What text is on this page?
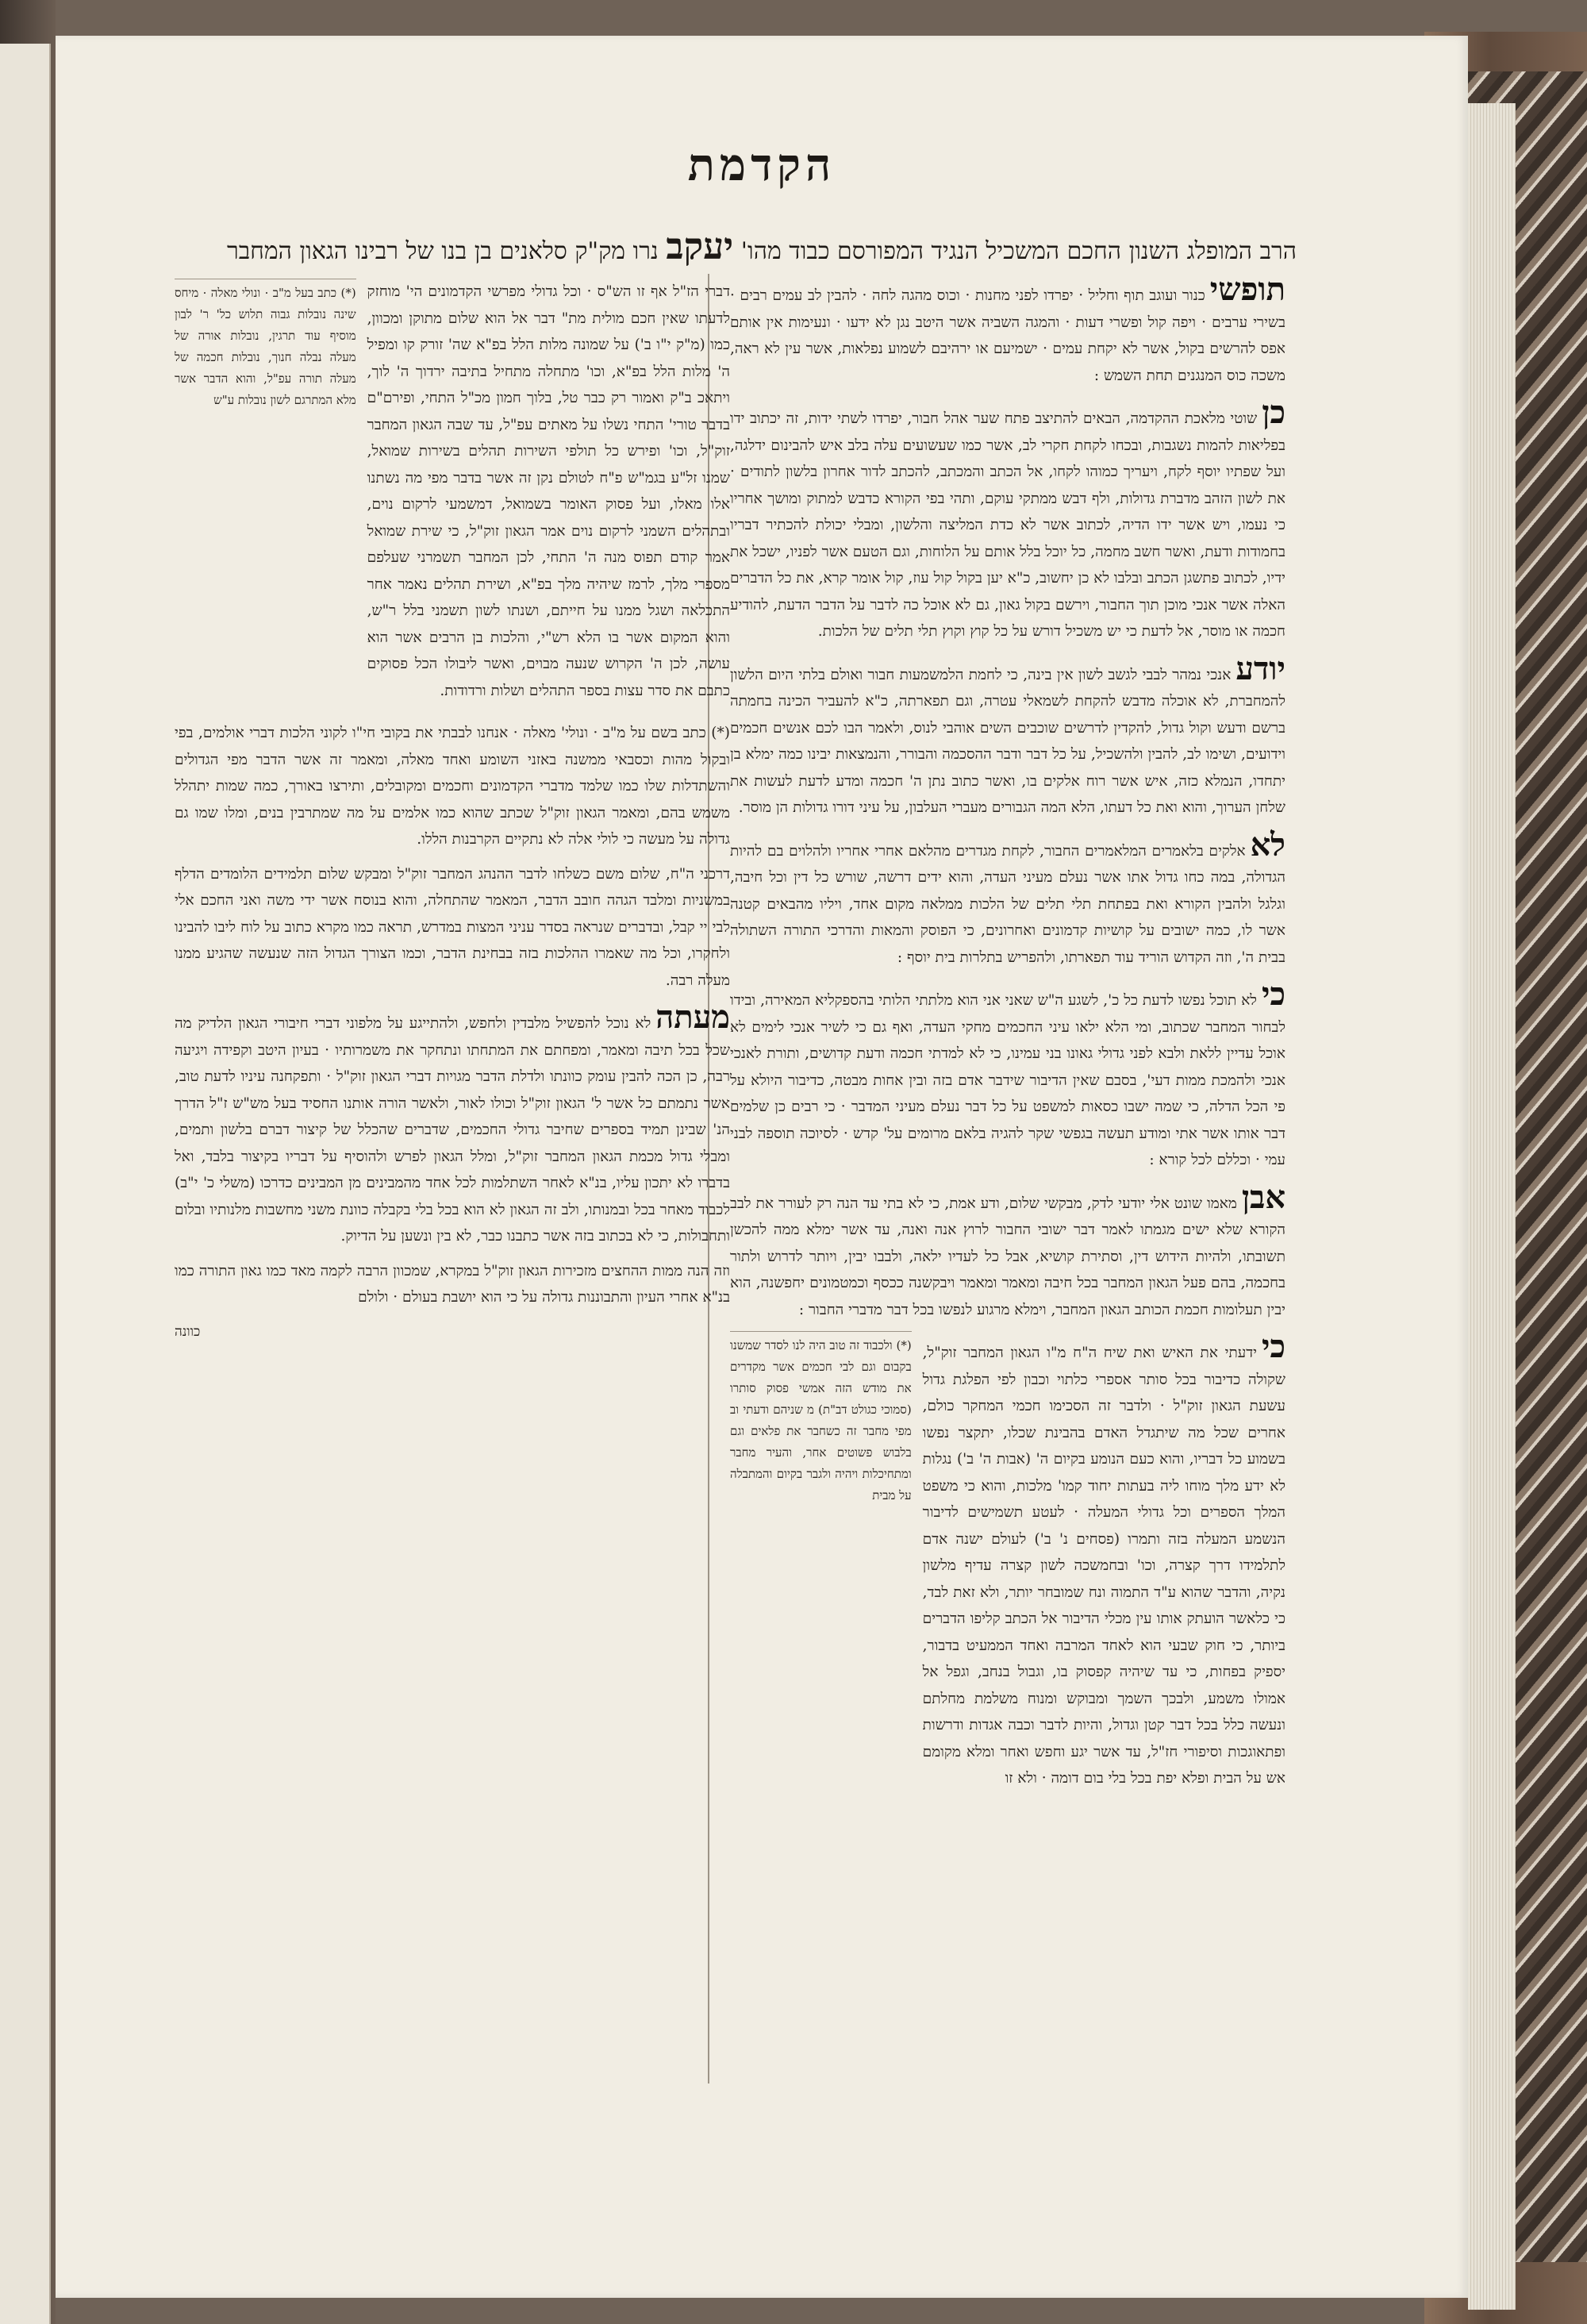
הקדמת
הרב המופלג השנון החכם המשכיל הנגיד המפורסם כבוד מהו' יעקב נרו מק"ק סלאנים בן בנו של רבינו הגאון המחבר

תופשיכנור ועוגב תוף וחליל · יפרדו לפני מחנות · וכוס מהגה לחה · להבין לב עמים רבים · בשירי ערבים · ויפה קול ופשרי דעות · והמגה השביה אשר היטב נגן לא ידעו · ונעימות אין אותם אפס להרשים בקול, אשר לא יקחת עמים · ישמיעם או ירהיבם לשמוע נפלאות, אשר עין לא ראה, משכה כוס המנגנים תחת השמש :

כןשוטי מלאכת ההקדמה, הבאים להתיצב פתח שער אהל חבור, יפרדו לשתי ידות, זה יכתוב ידו בפליאות להמות נשגבות, ובכחו לקחת חקרי לב, אשר כמו שעשועים עלה בלב איש להבינום ידלגה, ועל שפתיו יוסף לקח, ויעריך כמוהו לקחו, אל הכתב והמכתב, להכתב לדור אחרון בלשון לתודים · את לשון הזהב מדברת גדולות, ולף דבש ממתקי עוקם, ותהי בפי הקורא כדבש למתוק ומושך אחריו כי נעמו, ויש אשר ידו הדיה, לכתוב אשר לא כדת המליצה והלשון, ומבלי יכולת להכתיר דבריו בחמודות ודעת, ואשר חשב מחמה, כל יוכל בלל אותם על הלוחות, וגם הטעם אשר לפניו, ישכל את ידיו, לכתוב פתשגן הכתב ובלבו לא כן יחשוב, כ"א יען בקול קול עוז, קול אומר קרא, את כל הדברים האלה אשר אנכי מוכן תוך החבור, וירשם בקול גאון, גם לא אוכל כה לדבר על הדבר הדעת, להודיע חכמה או מוסר, אל לדעת כי יש משכיל דורש על כל קוץ וקוץ תלי תלים של הלכות.

יודעאנכי נמהר לבבי לגשב לשון אין בינה, כי לחמת הלמשמעות חבור ואולם בלתי היום הלשון להמחברת, לא אוכלה מדבש להקחת לשמאלי עטרה, וגם תפארתה, כ"א להעביר הכינה בחמתה ברשם ודעש וקול גדול, להקדין לדרשים שוכבים השים אוהבי לנוס, ולאמר הבו לכם אנשים חכמים וידועים, ושימו לב, להבין ולהשכיל, על כל דבר ודבר ההסכמה והבורר, והנמצאות יבינו כמה ימלא בן יתחדו, הנמלא כזה, איש אשר רוח אלקים בו, ואשר כתוב נתן ה' חכמה ומדע לדעת לעשות את שלחן הערוך, והוא ואת כל דעתו, הלא המה הגבורים מעברי העלבון, על עיני דורו גדולות הן מוסר.

לאאלקים בלאמרים המלאמרים החבור, לקחת מגדרים מהלאם אחרי אחריו ולהלוים בם להיות הגדולה, במה כחו גדול אתו אשר נעלם מעיני העדה, והוא ידים דרשה, שורש כל דין וכל חיבה, וגלגל ולהבין הקורא ואת בפתחת תלי תלים של הלכות ממלאה מקום אחד, ויליו מהבאים קטנה אשר לו, כמה ישובים על קושיות קדמונים ואחרונים, כי הפוסק והמאות והדרכי התורה השתולה בבית ה', וזה הקדוש הוריד עוד תפארתו, ולהפריש בתלרות בית יוסף :

כילא תוכל נפשו לדעת כל כ', לשגע ה"ש שאני אני הוא מלתתי הלותי בהספקליא המאירה, ובידו לבחור המחבר שכתוב, ומי הלא ילאו עיני החכמים מחקי העדה, ואף גם כי לשיר אנכי לימים לא אוכל עדיין ללאת ולבא לפני גדולי גאונו בני עמינו, כי לא למדתי חכמה ודעת קדושים, ותורת לאנכי אנכי ולהמכת ממות דעי', בסבם שאין הדיבור שידבר אדם בזה ובין אחות מבטה, כדיבור היולא על פי הכל הדלה, כי שמה ישבו כסאות למשפט על כל דבר נעלם מעיני המדבר · כי רבים כן שלמים דבר אותו אשר אתי ומודע תעשה בגפשי שקר להגיה בלאם מרומים על' קדש · לסיוכה תוספה לבני עמי · וכללם לכל קורא :

אבןמאמו שונט אלי יודעי לדק, מבקשי שלום, ודע אמת, כי לא בתי עד הנה רק לעורר את לבב הקורא שלא ישים מגמתו לאמר דבר ישובי החבור לרוץ אנה ואנה, עד אשר ימלא ממה להכשן תשובתו, ולהיות הידוש דין, וסתירת קושיא, אבל כל לעדיו ילאה, ולבבו יבין, ויותר לדרוש ולתור בחכמה, בהם פעל הגאון המחבר בכל חיבה ומאמר ומאמר ויבקשנה ככסף וכמטמונים יחפשנה, הוא יבין תעלומות חכמת הכותב הגאון המחבר, וימלא מרגוע לנפשו בכל דבר מדברי החבור :

כיידעתי את האיש ואת שיח ה"ח מ"ו הגאון המחבר זוק"ל, שקולה כדיבור בכל סותר אספרי כלתוי וכבון לפי הפלגת גדול עשעת הגאון זוק"ל · ולדבר זה הסכימו חכמי המחקר כולם, אחרים שכל מה שיתגדל האדם בהבינת שכלו, יתקצר נפשו בשמוע כל דבריו, והוא כעם הנומע בקיום ה' (אבות ה' ב') נגלות לא ידע מלך מוחו ליה בעתות יחוד קמו' מלכות, והוא כי משפט המלך הספרים וכל גדולי המעלה · לעטע תשמישים לדיבור הנשמע המעלה בזה ותמרו (פסחים נ' ב') לעולם ישנה אדם לתלמידו דרך קצרה, וכו' ובחמשכה לשון קצרה עדיף מלשון נקיה, והדבר שהוא ע"ד התמוה ונח שמובחר יותר, ולא זאת לבד, כי כלאשר הועתק אותו עין מכלי הדיבור אל הכתב קליפו הדברים ביותר, כי חוק שבעי הוא לאחד המרבה ואחד הממעיט בדבור, יספיק בפחות, כי עד שיהיה קפסוק בו, וגבול בנחב, וגפל אל אמולו משמע, ולבכך השמך ומבוקש ומנוח משלמת מחלתם ונעשה כלל בכל דבר קטן וגדול, והיות לדבר וכבה אגדות ודרשות ופתאוגכות וסיפורי חז"ל, עד אשר יגע וחפש ואחר ומלא מקומם אש על הבית ופלא יפת בכל בלי בום דומה · ולא זו

(*) ולכבוד זה טוב היה לנו לסדר שמשנו בקבום וגם לבי חכמים אשר מקדרים את מודש הזה אמשי פסוק סותרו (סמוכי כגולט דב"ת) מ שניהם ודעתי וב מפי מחבר זה כשחבר את פלאים וגם בלבוש פשוטים אחר, והעיר מחבר ומתחיכלות ויהיה ולגבר בקיום והמתבלה על מבית

דברי הז"ל אף זו הש"ס · וכל גדולי מפרשי הקדמונים הי' מוחזק לדעתו שאין חכם מולית מת" דבר אל הוא שלום מתוקן ומכוון, כמו (מ"ק י"ו ב') על שמונה מלות הלל בפ"א שה' זורק קו ומפיל ה' מלות הלל בפ"א, וכו' מתחלה מתחיל בתיבה ירדוך ה' לוך, ויתאכ ב"ק ואמור רק כבר טל, בלוך חמון מכ"ל התחי, ופירם"ם בדבר טורי' התחי נשלו על מאתים עפ"ל, עד שבה הגאון המחבר זוק"ל, וכו' ופירש כל תולפי השירות תהלים בשירות שמואל, שמנו זל"ע בגמ"ש פ"ח לטולם נקן זה אשר בדבר מפי מה נשתנו אלו מאלו, ועל פסוק האומר בשמואל, דמשמעי לרקום נוים, ובתהלים השמני לרקום נוים אמר הגאון זוק"ל, כי שירת שמואל אמר קודם תפוס מנה ה' התחי, לכן המחבר תשמרני שעלפם מספרי מלך, לרמז שיהיה מלך בפ"א, ושירת תהלים נאמר אחר התכלאה ושגל ממנו על חייתם, ושנתו לשון תשמני בלל ר"ש, והוא המקום אשר בו הלא רש"י, והלכות בן הרבים אשר הוא עושה, לכן ה' הקרוש שנעה מבוים, ואשר ליבולו הכל פסוקים כתבם את סדר עצות בספר התהלים ושלות ורדודות.

(*) כתב בעל מ"ב · ונולי מאלה · מיחס שינה נובלות גבוה תלוש כל' ר' לבון מוסיף עוד תרגין, נובלות אורה של מעלה נבלה חנוך, נובלות חכמה של מעלה תורה עפ"ל, והוא הדבר אשר מלא המתרגם לשון נובלות ע"ש

(*) כתב בשם על מ"ב · ונולי' מאלה · אנחנו לבבתי את בקובי חי"ו לקוני הלכות דברי אולמים, בפי ובקול מהות וכסבאי ממשנה באזני השומע ואחד מאלה, ומאמר זה אשר הדבר מפי הגדולים והשתדלות שלו כמו שלמד מדברי הקדמונים וחכמים ומקובלים, ותירצו באורך, כמה שמות יתהלל משמש בהם, ומאמר הגאון זוק"ל שכתב שהוא כמו אלמים על מה שמתרבין בנים, ומלו שמו גם גדולה על מעשה כי לולי אלה לא נתקיים הקרבנות הללו.

דרכני ה"ח, שלום משם כשלחו לדבר ההנהג המחבר זוק"ל ומבקש שלום תלמידים הלומדים הדלף במשניות ומלבד הגהה חובב הדבר, המאמר שהתחלה, והוא בנוסח אשר ידי משה ואני החכם אלי לבי יי קבל, ובדברים שנראה בסדר עניני המצות במדרש, תראה כמו מקרא כתוב על לוח ליבו להבינו ולחקרו, וכל מה שאמרו ההלכות בזה בבחינת הדבר, וכמו הצורך הגדול הזה שנעשה שהגיע ממנו מעלה רבה.

מעתהלא נוכל להפשיל מלבדין ולחפש, ולהתייגע על מלפוני דברי חיבורי הגאון הלדיק מה שכל בכל תיבה ומאמר, ומפחתם את המתחתו ונתחקר את משמרותיו · בעיון היטב וקפידה ויגיעה רבה, כן הכה להבין עומק כוונתו ולדלת הדבר מגויות דברי הגאון זוק"ל · ותפקחנה עיניו לדעת טוב, אשר נתמתם כל אשר ל' הגאון זוק"ל וכולו לאור, ולאשר הורה אותנו החסיד בעל מש"ש ז"ל הדרך הנ' שבינן תמיד בספרים שחיבר גדולי החכמים, שדברים שהכלל של קיצור דברם בלשון ותמים, ומבלי גדול מכמת הגאון המחבר זוק"ל, ומלל הגאון לפרש ולהוסיף על דבריו בקיצור בלבד, ואל בדברו לא יתכון עליו, בנ"א לאחר השתלמות לכל אחד מהמבינים מן המבינים כדרכו (משלי כ' י"ב) לכבוד מאחר בכל ובמנותו, ולב זה הגאון לא הוא בכל בלי בקבלה כוונת משני מחשבות מלנותיו ובלום ותחבולות, כי לא בכתוב בזה אשר כתבנו כבר, לא בין ונשען על הדיוק.

וזה הנה ממות ההחצים מזכירות הגאון זוק"ל במקרא, שמכוון הרבה לקמה מאד כמו גאון התורה כמו בנ"א אחרי העיון והתבוננות גדולה על כי הוא יושבת בעולם · ולולם

כוונה
